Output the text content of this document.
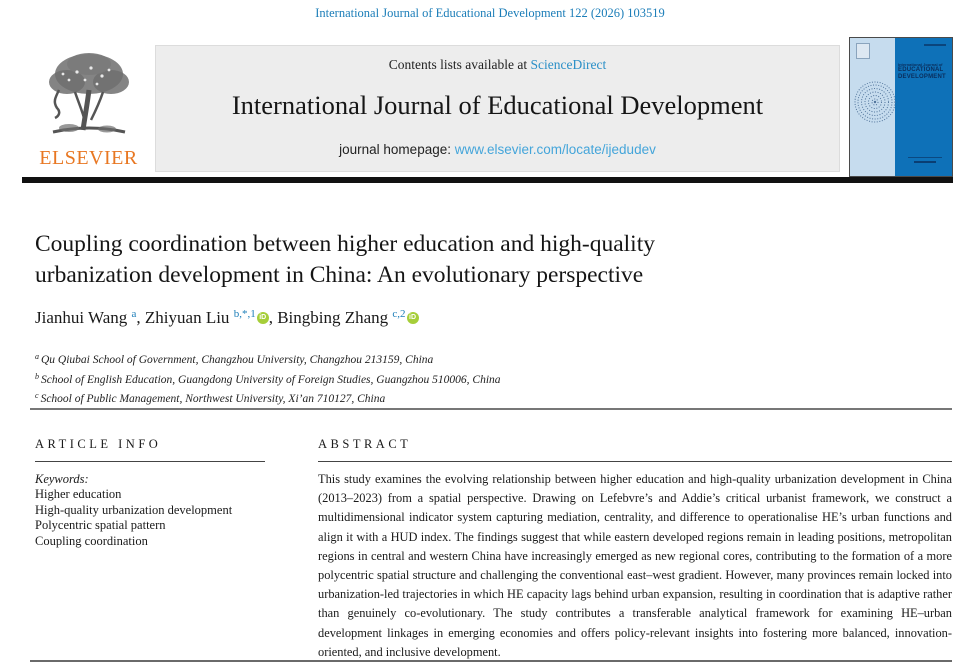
International Journal of Educational Development 122 (2026) 103519
ELSEVIER
Contents lists available at ScienceDirect
International Journal of Educational Development
journal homepage: www.elsevier.com/locate/ijedudev
International Journal of
EDUCATIONAL
DEVELOPMENT
Coupling coordination between higher education and high-quality
urbanization development in China: An evolutionary perspective
Jianhui Wang $^a$, Zhiyuan Liu $^{b,*,1}$ iD , Bingbing Zhang $^{c,2}$ iD
$^a$ Qu Qiubai School of Government, Changzhou University, Changzhou 213159, China
$^b$ School of English Education, Guangdong University of Foreign Studies, Guangzhou 510006, China
$^c$ School of Public Management, Northwest University, Xi’an 710127, China
ARTICLE INFO
Keywords:
Higher education
High-quality urbanization development
Polycentric spatial pattern
Coupling coordination
ABSTRACT
This study examines the evolving relationship between higher education and high-quality urbanization development in China (2013–2023) from a spatial perspective. Drawing on Lefebvre’s and Addie’s critical urbanist framework, we construct a multidimensional indicator system capturing mediation, centrality, and difference to operationalise HE’s urban functions and align it with a HUD index. The findings suggest that while eastern developed regions remain in leading positions, metropolitan regions in central and western China have increasingly emerged as new regional cores, contributing to the formation of a more polycentric spatial structure and challenging the conventional east–west gradient. However, many provinces remain locked into urbanization-led trajectories in which HE capacity lags behind urban expansion, resulting in coordination that is adaptive rather than genuinely co-evolutionary. The study contributes a transferable analytical framework for examining HE–urban development linkages in emerging economies and offers policy-relevant insights into fostering more balanced, innovation-oriented, and inclusive development.
